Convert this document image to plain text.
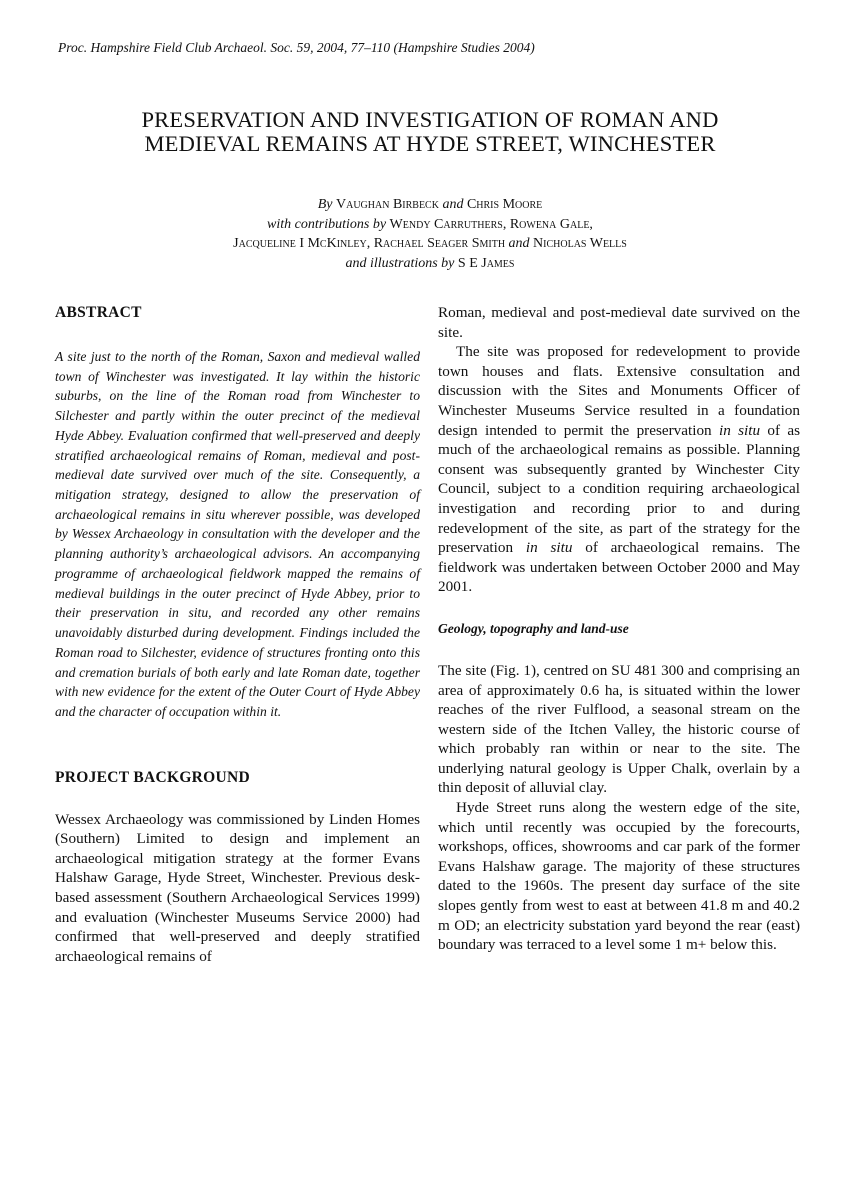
Proc. Hampshire Field Club Archaeol. Soc. 59, 2004, 77–110 (Hampshire Studies 2004)
PRESERVATION AND INVESTIGATION OF ROMAN AND
MEDIEVAL REMAINS AT HYDE STREET, WINCHESTER
By Vaughan Birbeck and Chris Moore
with contributions by Wendy Carruthers, Rowena Gale,
Jacqueline I McKinley, Rachael Seager Smith and Nicholas Wells
and illustrations by S E James
ABSTRACT

A site just to the north of the Roman, Saxon and medieval walled town of Winchester was investigated. It lay within the historic suburbs, on the line of the Roman road from Winchester to Silchester and partly within the outer precinct of the medieval Hyde Abbey. Evaluation confirmed that well-preserved and deeply stratified archaeological remains of Roman, medieval and post-medieval date survived over much of the site. Consequently, a mitigation strategy, designed to allow the preservation of archaeological remains in situ wherever possible, was developed by Wessex Archaeology in consultation with the developer and the planning authority’s archaeological advisors. An accompanying programme of archaeological fieldwork mapped the remains of medieval buildings in the outer precinct of Hyde Abbey, prior to their preservation in situ, and recorded any other remains unavoidably disturbed during development. Findings included the Roman road to Silchester, evidence of structures fronting onto this and cremation burials of both early and late Roman date, together with new evidence for the extent of the Outer Court of Hyde Abbey and the character of occupation within it.

PROJECT BACKGROUND

Wessex Archaeology was commissioned by Linden Homes (Southern) Limited to design and implement an archaeological mitigation strategy at the former Evans Halshaw Garage, Hyde Street, Winchester. Previous desk-based assessment (Southern Archaeological Services 1999) and evaluation (Winchester Museums Service 2000) had confirmed that well-preserved and deeply stratified archaeological remains of

Roman, medieval and post-medieval date survived on the site.

The site was proposed for redevelopment to provide town houses and flats. Extensive consultation and discussion with the Sites and Monuments Officer of Winchester Museums Service resulted in a foundation design intended to permit the preservation in situ of as much of the archaeological remains as possible. Planning consent was subsequently granted by Winchester City Council, subject to a condition requiring archaeological investigation and recording prior to and during redevelopment of the site, as part of the strategy for the preservation in situ of archaeological remains. The fieldwork was undertaken between October 2000 and May 2001.

Geology, topography and land-use

The site (Fig. 1), centred on SU 481 300 and comprising an area of approximately 0.6 ha, is situated within the lower reaches of the river Fulflood, a seasonal stream on the western side of the Itchen Valley, the historic course of which probably ran within or near to the site. The underlying natural geology is Upper Chalk, overlain by a thin deposit of alluvial clay.

Hyde Street runs along the western edge of the site, which until recently was occupied by the forecourts, workshops, offices, showrooms and car park of the former Evans Halshaw garage. The majority of these structures dated to the 1960s. The present day surface of the site slopes gently from west to east at between 41.8 m and 40.2 m OD; an electricity substation yard beyond the rear (east) boundary was terraced to a level some 1 m+ below this.
